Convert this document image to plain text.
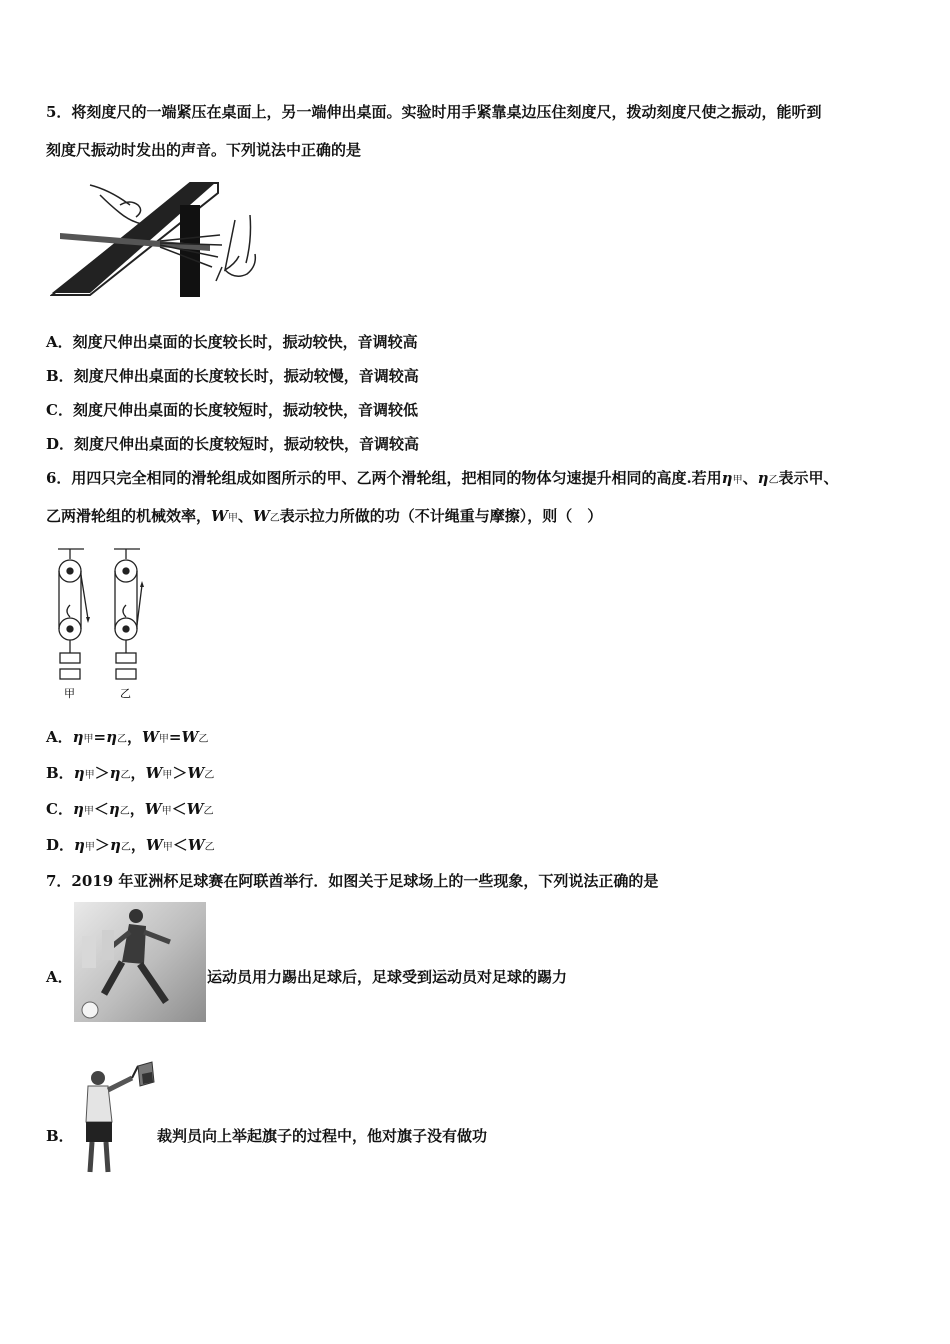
5．将刻度尺的一端紧压在桌面上，另一端伸出桌面。实验时用手紧靠桌边压住刻度尺，拨动刻度尺使之振动，能听到
刻度尺振动时发出的声音。下列说法中正确的是
A．刻度尺伸出桌面的长度较长时，振动较快，音调较高
B．刻度尺伸出桌面的长度较长时，振动较慢，音调较高
C．刻度尺伸出桌面的长度较短时，振动较快，音调较低
D．刻度尺伸出桌面的长度较短时，振动较快，音调较高
6．用四只完全相同的滑轮组成如图所示的甲、乙两个滑轮组，把相同的物体匀速提升相同的高度.若用η甲、η乙表示甲、
乙两滑轮组的机械效率，W甲、W乙表示拉力所做的功（不计绳重与摩擦），则（　）
甲	乙
A．η甲=η乙，W甲=W乙
B．η甲＞η乙，W甲＞W乙
C．η甲＜η乙，W甲＜W乙
D．η甲＞η乙，W甲＜W乙
7．2019 年亚洲杯足球赛在阿联酋举行．如图关于足球场上的一些现象，下列说法正确的是
A．	运动员用力踢出足球后，足球受到运动员对足球的踢力
B．	裁判员向上举起旗子的过程中，他对旗子没有做功
